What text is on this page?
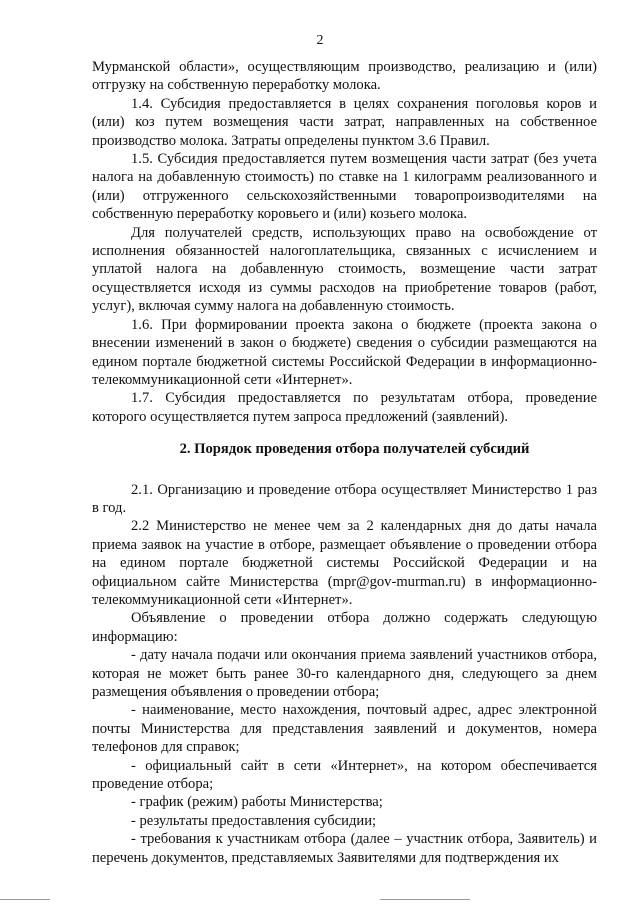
2

Мурманской области», осуществляющим производство, реализацию и (или) отгрузку на собственную переработку молока.

1.4. Субсидия предоставляется в целях сохранения поголовья коров и (или) коз путем возмещения части затрат, направленных на собственное производство молока. Затраты определены пунктом 3.6 Правил.

1.5. Субсидия предоставляется путем возмещения части затрат (без учета налога на добавленную стоимость) по ставке на 1 килограмм реализованного и (или) отгруженного сельскохозяйственными товаропроизводителями на собственную переработку коровьего и (или) козьего молока.

Для получателей средств, использующих право на освобождение от исполнения обязанностей налогоплательщика, связанных с исчислением и уплатой налога на добавленную стоимость, возмещение части затрат осуществляется исходя из суммы расходов на приобретение товаров (работ, услуг), включая сумму налога на добавленную стоимость.

1.6. При формировании проекта закона о бюджете (проекта закона о внесении изменений в закон о бюджете) сведения о субсидии размещаются на едином портале бюджетной системы Российской Федерации в информационно-телекоммуникационной сети «Интернет».

1.7. Субсидия предоставляется по результатам отбора, проведение которого осуществляется путем запроса предложений (заявлений).

2. Порядок проведения отбора получателей субсидий

2.1. Организацию и проведение отбора осуществляет Министерство 1 раз в год.

2.2 Министерство не менее чем за 2 календарных дня до даты начала приема заявок на участие в отборе, размещает объявление о проведении отбора на едином портале бюджетной системы Российской Федерации и на официальном сайте Министерства (mpr@gov-murman.ru) в информационно-телекоммуникационной сети «Интернет».

Объявление о проведении отбора должно содержать следующую информацию:

- дату начала подачи или окончания приема заявлений участников отбора, которая не может быть ранее 30-го календарного дня, следующего за днем размещения объявления о проведении отбора;

- наименование, место нахождения, почтовый адрес, адрес электронной почты Министерства для представления заявлений и документов, номера телефонов для справок;

- официальный сайт в сети «Интернет», на котором обеспечивается проведение отбора;

- график (режим) работы Министерства;

- результаты предоставления субсидии;

- требования к участникам отбора (далее – участник отбора, Заявитель) и перечень документов, представляемых Заявителями для подтверждения их
